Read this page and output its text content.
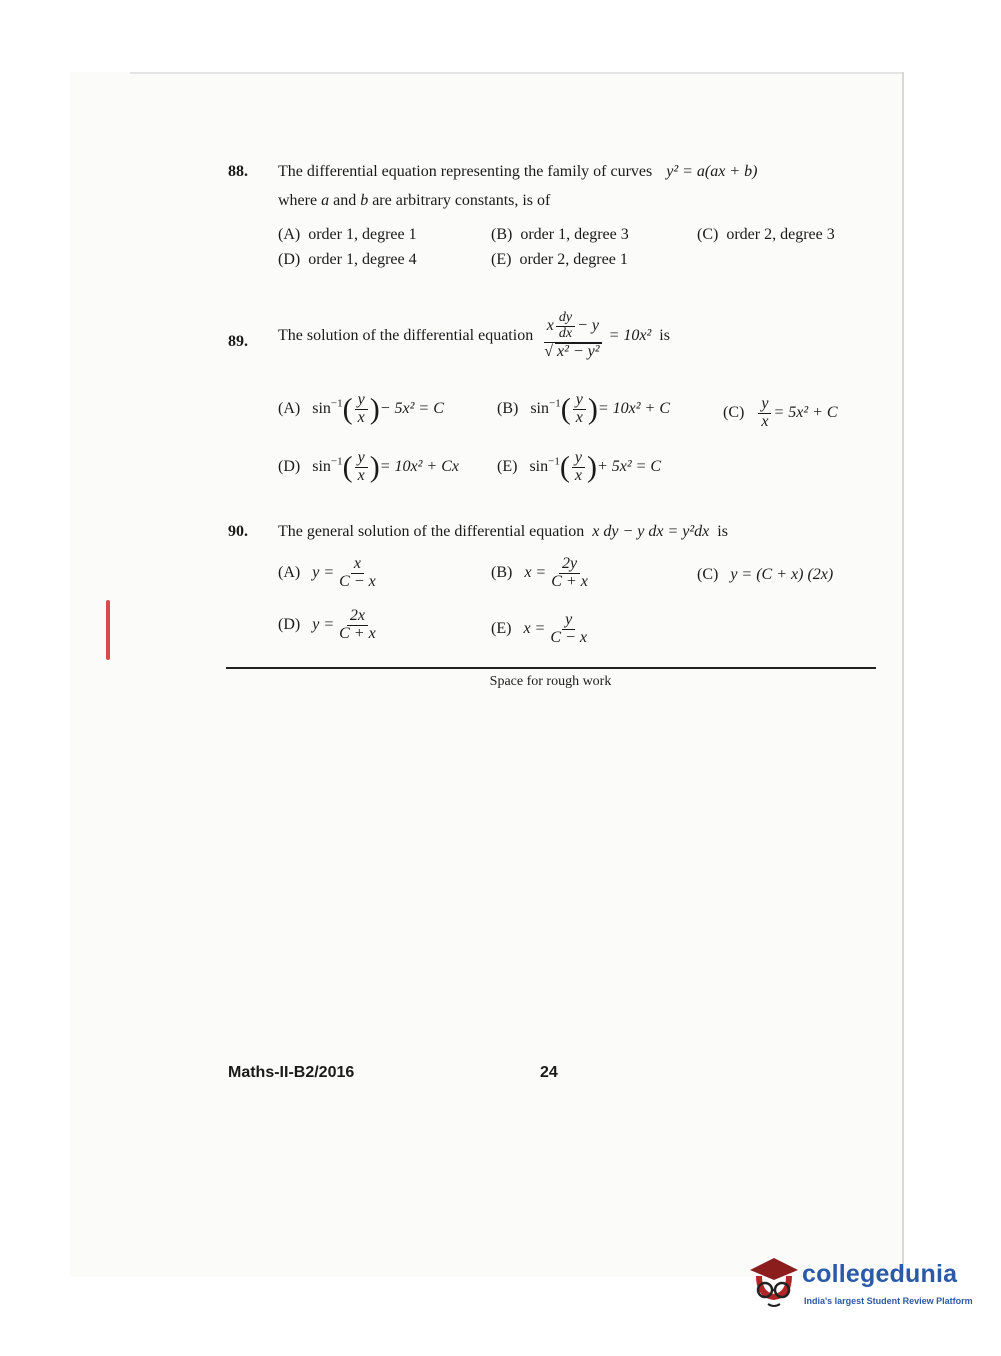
88. The differential equation representing the family of curves y² = a(ax + b)
where a and b are arbitrary constants, is of
(A) order 1, degree 1	(B) order 1, degree 3	(C) order 2, degree 3
(D) order 1, degree 4	(E) order 2, degree 1
89. The solution of the differential equation $\frac{x \frac{dy}{dx} - y}{\text{√ x² − y²}} = 10x^2$ is
(A) $\sin^{-1}( \frac{y}{x}$ )− 5x² = C	(B) $\sin^{-1}( \frac{y}{x}$ )= 10x² + C	$(C) \frac{y}{x} = 5x^2 + C$
(D) $\sin^{-1}( \frac{y}{x}$ )= 10x² + Cx (E) $\sin^{-1}( \frac{y}{x}$ )+ 5x² = C
90. The general solution of the differential equation x dy − y dx = y²dx is
(A) $y = \frac{x}{C - x}$	(B) $x = \frac{2y}{C + x}$	(C) y = (C + x) (2x)
(D) $y = \frac{2x}{C + x}$	(E) $x = \frac{y}{C - x}$
Space for rough work
Maths-II-B2/2016	24
collegedunia
India's largest Student Review Platform
